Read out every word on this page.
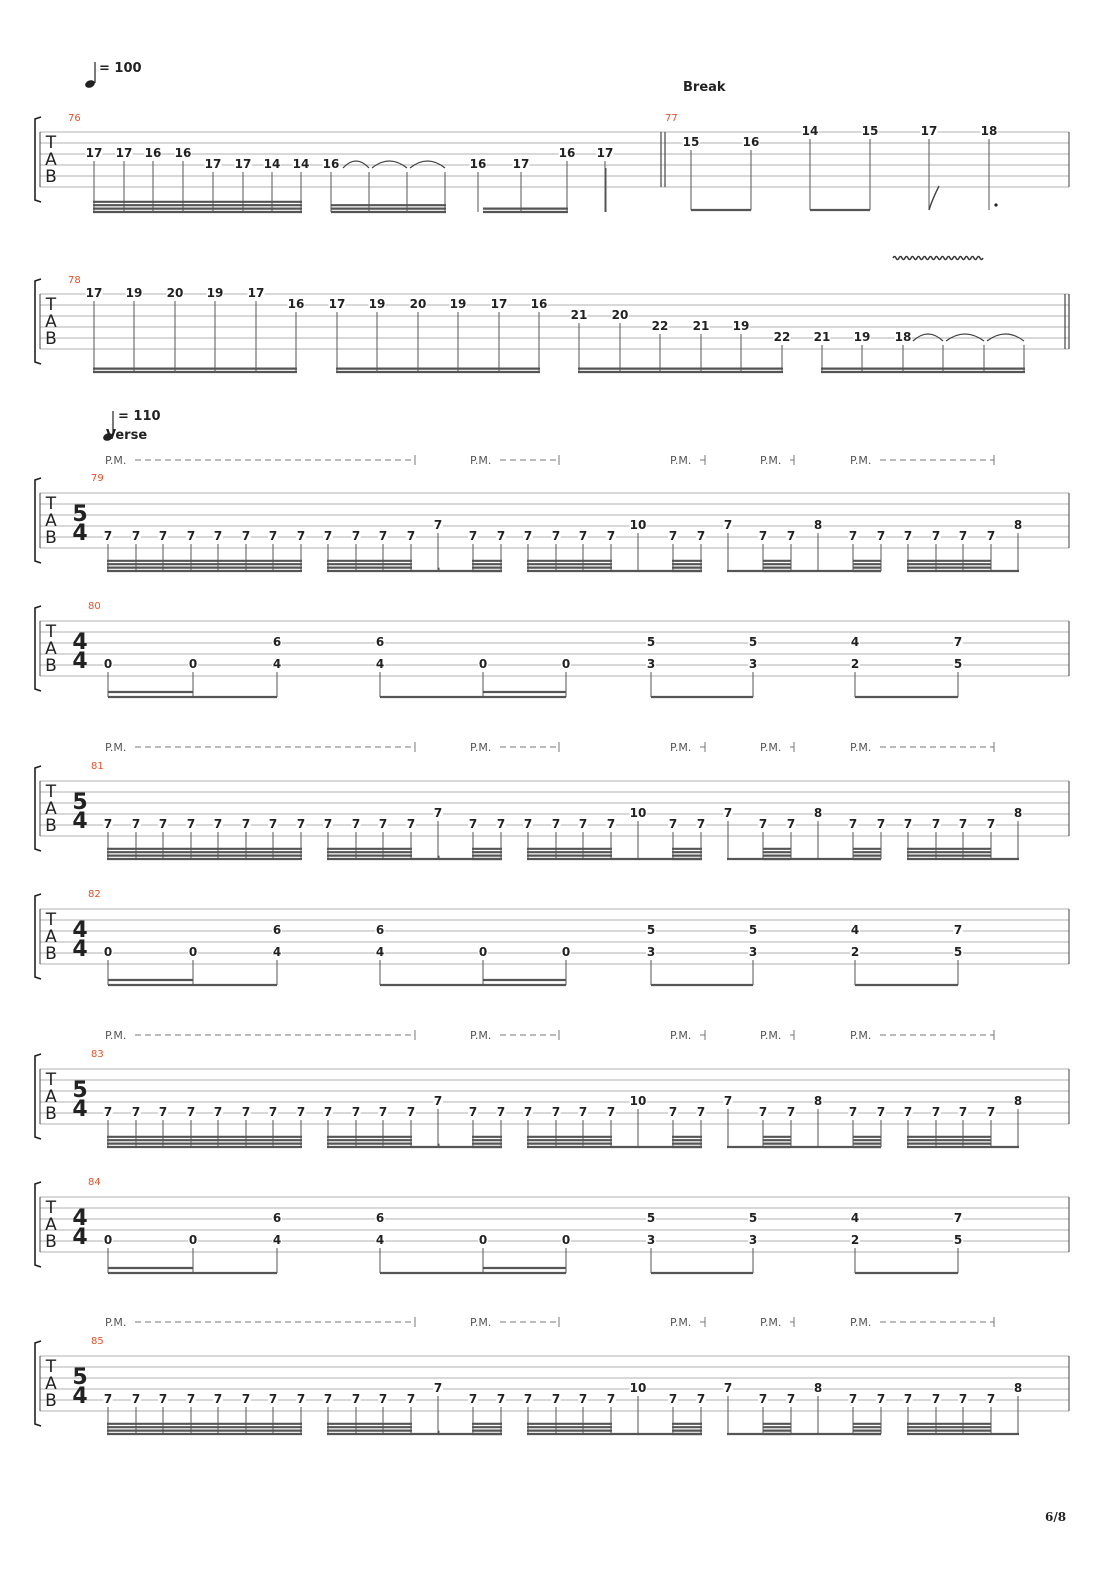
T
A
B
76	77
17 17 16 16
17 17 14 14 16	16 17
16 17
15	16
14	15	17	18
T
A
B
78
17 19 20 19 17
16 17 19 20 19 17 16
21 20
22 21 19
22 21 19 18
T
A
B
79
5
4
P.M.	P.M.	P.M.	P.M.	P.M.
7 7 7 7 7 7 7 7 7 7 7 7
7
7 7 7 7 7 7
10
7 7
7
7 7
8
7 7 7 7 7 7
8
T
A
B
80
4
4 0	0
6
4
6
4	0	0
5
3
5
3
4
2
7
5
T
A
B
81
5
4
P.M.	P.M.	P.M.	P.M.	P.M.
7 7 7 7 7 7 7 7 7 7 7 7
7
7 7 7 7 7 7
10
7 7
7
7 7
8
7 7 7 7 7 7
8
T
A
B
82
4
4 0	0
6
4
6
4	0	0
5
3
5
3
4
2
7
5
T
A
B
83
5
4
P.M.	P.M.	P.M.	P.M.	P.M.
7 7 7 7 7 7 7 7 7 7 7 7
7
7 7 7 7 7 7
10
7 7
7
7 7
8
7 7 7 7 7 7
8
T
A
B
84
4
4 0	0
6
4
6
4	0	0
5
3
5
3
4
2
7
5
T
A
B
85
5
4
P.M.	P.M.	P.M.	P.M.	P.M.
7 7 7 7 7 7 7 7 7 7 7 7
7
7 7 7 7 7 7
10
7 7
7
7 7
8
7 7 7 7 7 7
8
= 100
Break
= 110
Verse
6/8
